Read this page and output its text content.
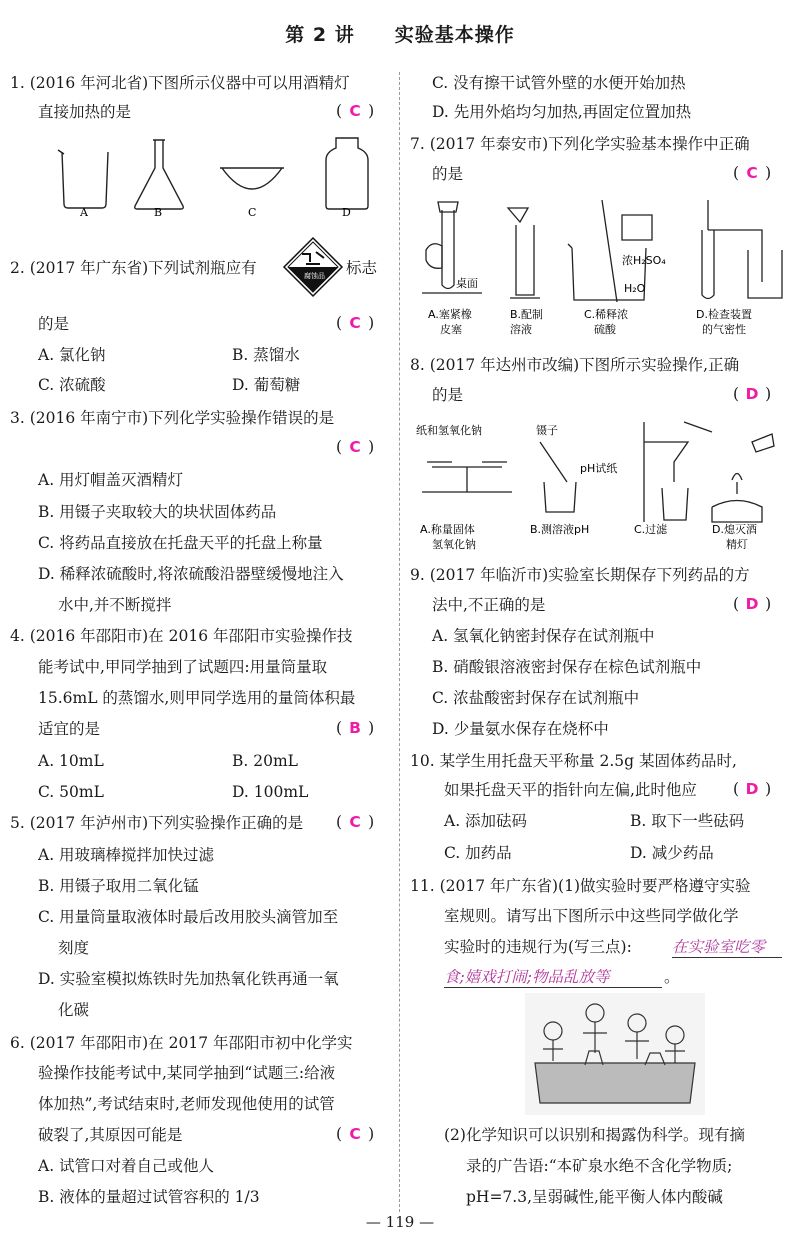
第 2 讲 实验基本操作
1. (2016 年河北省)下图所示仪器中可以用酒精灯
直接加热的是	( C )
A	B	C	D
2. (2017 年广东省)下列试剂瓶应有	腐蚀品 标志
的是	( C )
A. 氯化钠	B. 蒸馏水
C. 浓硫酸	D. 葡萄糖
3. (2016 年南宁市)下列化学实验操作错误的是
( C )
A. 用灯帽盖灭酒精灯
B. 用镊子夹取较大的块状固体药品
C. 将药品直接放在托盘天平的托盘上称量
D. 稀释浓硫酸时,将浓硫酸沿器壁缓慢地注入
水中,并不断搅拌
4. (2016 年邵阳市)在 2016 年邵阳市实验操作技
能考试中,甲同学抽到了试题四:用量筒量取
15.6mL 的蒸馏水,则甲同学选用的量筒体积最
适宜的是	( B )
A. 10mL	B. 20mL
C. 50mL	D. 100mL
5. (2017 年泸州市)下列实验操作正确的是 ( C )
A. 用玻璃棒搅拌加快过滤
B. 用镊子取用二氧化锰
C. 用量筒量取液体时最后改用胶头滴管加至
刻度
D. 实验室模拟炼铁时先加热氧化铁再通一氧
化碳
6. (2017 年邵阳市)在 2017 年邵阳市初中化学实
验操作技能考试中,某同学抽到“试题三:给液
体加热”,考试结束时,老师发现他使用的试管
破裂了,其原因可能是	( C )
A. 试管口对着自己或他人
B. 液体的量超过试管容积的 1/3
C. 没有擦干试管外壁的水便开始加热
D. 先用外焰均匀加热,再固定位置加热
7. (2017 年泰安市)下列化学实验基本操作中正确
的是	( C )
桌面
浓H₂SO₄
H₂O
A.塞紧橡
皮塞
B.配制
溶液
C.稀释浓
硫酸
D.检查装置
的气密性
8. (2017 年达州市改编)下图所示实验操作,正确
的是	( D )
纸和氢氧化钠	镊子
pH试纸
A.称量固体
氢氧化钠
B.测溶液pH	C.过滤	D.熄灭酒
精灯
9. (2017 年临沂市)实验室长期保存下列药品的方
法中,不正确的是	( D )
A. 氢氧化钠密封保存在试剂瓶中
B. 硝酸银溶液密封保存在棕色试剂瓶中
C. 浓盐酸密封保存在试剂瓶中
D. 少量氨水保存在烧杯中
10. 某学生用托盘天平称量 2.5g 某固体药品时,
如果托盘天平的指针向左偏,此时他应 ( D )
A. 添加砝码	B. 取下一些砝码
C. 加药品	D. 减少药品
11. (2017 年广东省)(1)做实验时要严格遵守实验
室规则。请写出下图所示中这些同学做化学
实验时的违规行为(写三点):	在实验室吃零
食;嬉戏打闹;物品乱放等	。
(2)化学知识可以识别和揭露伪科学。现有摘
录的广告语:“本矿泉水绝不含化学物质;
pH=7.3,呈弱碱性,能平衡人体内酸碱
— 119 —
